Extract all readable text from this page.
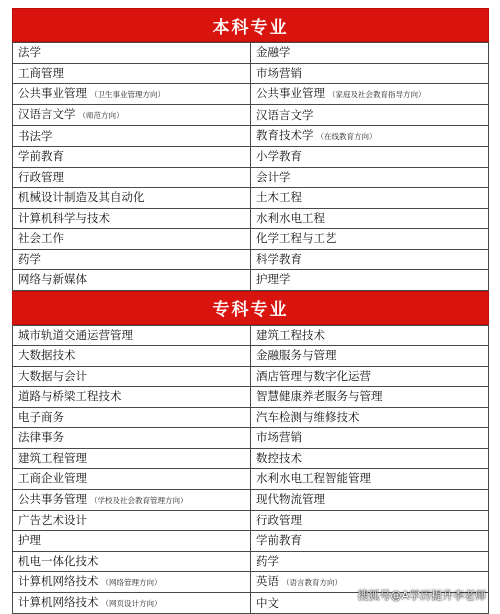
本科专业
法学	金融学
工商管理	市场营销
公共事业管理 （卫生事业管理方向）	公共事业管理 （家庭及社会教育指导方向）
汉语言文学 （师范方向）	汉语言文学
书法学	教育技术学 （在线教育方向）
学前教育	小学教育
行政管理	会计学
机械设计制造及其自动化	土木工程
计算机科学与技术	水利水电工程
社会工作	化学工程与工艺
药学	科学教育
网络与新媒体	护理学
专科专业
城市轨道交通运营管理	建筑工程技术
大数据技术	金融服务与管理
大数据与会计	酒店管理与数字化运营
道路与桥梁工程技术	智慧健康养老服务与管理
电子商务	汽车检测与维修技术
法律事务	市场营销
建筑工程管理	数控技术
工商企业管理	水利水电工程智能管理
公共事务管理 （学校及社会教育管理方向）	现代物流管理
广告艺术设计	行政管理
护理	学前教育
机电一体化技术	药学
计算机网络技术 （网络管理方向）	英语 （语言教育方向）
计算机网络技术 （网页设计方向）	中文	搜狐号@A学历提升李老师
